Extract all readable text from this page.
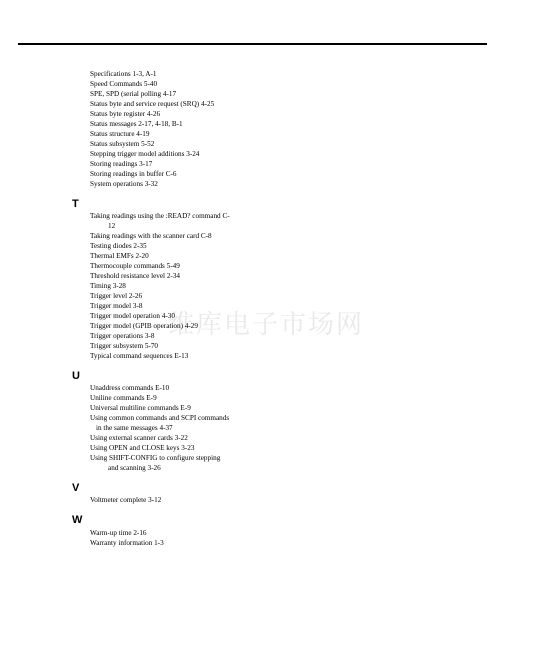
维库电子市场网
Specifications 1-3, A-1
Speed Commands 5-40
SPE, SPD (serial polling 4-17
Status byte and service request (SRQ) 4-25
Status byte register 4-26
Status messages 2-17, 4-18, B-1
Status structure 4-19
Status subsystem 5-52
Stepping trigger model additions 3-24
Storing readings 3-17
Storing readings in buffer C-6
System operations 3-32
T
Taking readings using the :READ? command C-
12
Taking readings with the scanner card C-8
Testing diodes 2-35
Thermal EMFs 2-20
Thermocouple commands 5-49
Threshold resistance level 2-34
Timing 3-28
Trigger level 2-26
Trigger model 3-8
Trigger model operation 4-30
Trigger model (GPIB operation) 4-29
Trigger operations 3-8
Trigger subsystem 5-70
Typical command sequences E-13
U
Unaddress commands E-10
Uniline commands E-9
Universal multiline commands E-9
Using common commands and SCPI commands
in the same messages 4-37
Using external scanner cards 3-22
Using OPEN and CLOSE keys 3-23
Using SHIFT-CONFIG to configure stepping
and scanning 3-26
V
Voltmeter complete 3-12
W
Warm-up time 2-16
Warranty information 1-3
